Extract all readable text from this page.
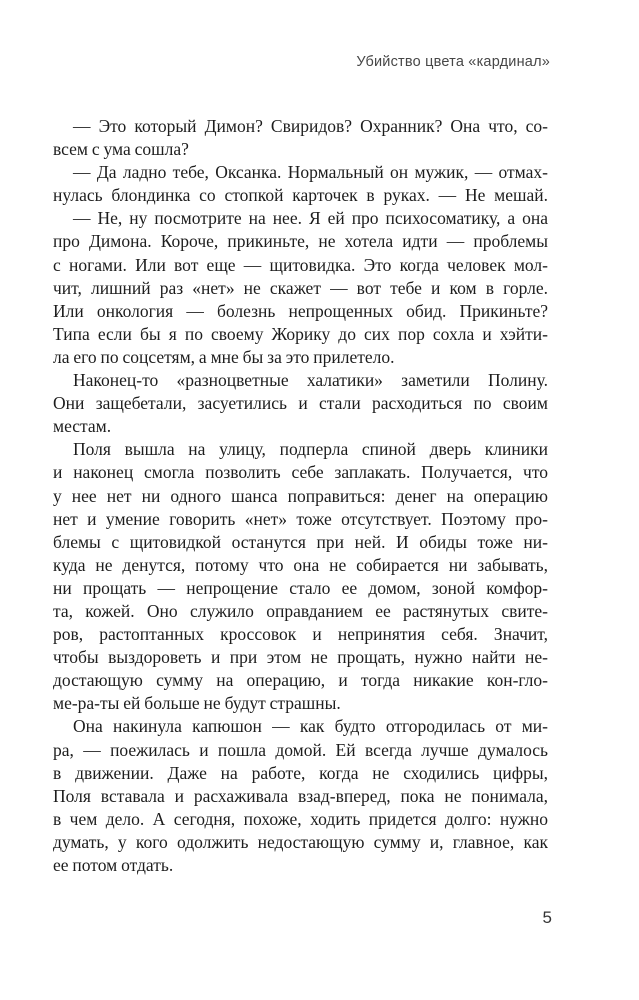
Убийство цвета «кардинал»
— Это который Димон? Свиридов? Охранник? Она что, со-
всем с ума сошла?
— Да ладно тебе, Оксанка. Нормальный он мужик, — отмах-
нулась блондинка со стопкой карточек в руках. — Не мешай.
— Не, ну посмотрите на нее. Я ей про психосоматику, а она
про Димона. Короче, прикиньте, не хотела идти — проблемы
с ногами. Или вот еще — щитовидка. Это когда человек мол-
чит, лишний раз «нет» не скажет — вот тебе и ком в горле.
Или онкология — болезнь непрощенных обид. Прикиньте?
Типа если бы я по своему Жорику до сих пор сохла и хэйти-
ла его по соцсетям, а мне бы за это прилетело.
Наконец-то «разноцветные халатики» заметили Полину.
Они защебетали, засуетились и стали расходиться по своим
местам.
Поля вышла на улицу, подперла спиной дверь клиники
и наконец смогла позволить себе заплакать. Получается, что
у нее нет ни одного шанса поправиться: денег на операцию
нет и умение говорить «нет» тоже отсутствует. Поэтому про-
блемы с щитовидкой останутся при ней. И обиды тоже ни-
куда не денутся, потому что она не собирается ни забывать,
ни прощать — непрощение стало ее домом, зоной комфор-
та, кожей. Оно служило оправданием ее растянутых свите-
ров, растоптанных кроссовок и непринятия себя. Значит,
чтобы выздороветь и при этом не прощать, нужно найти не-
достающую сумму на операцию, и тогда никакие кон-гло-
ме-ра-ты ей больше не будут страшны.
Она накинула капюшон — как будто отгородилась от ми-
ра, — поежилась и пошла домой. Ей всегда лучше думалось
в движении. Даже на работе, когда не сходились цифры,
Поля вставала и расхаживала взад-вперед, пока не понимала,
в чем дело. А сегодня, похоже, ходить придется долго: нужно
думать, у кого одолжить недостающую сумму и, главное, как
ее потом отдать.
5
